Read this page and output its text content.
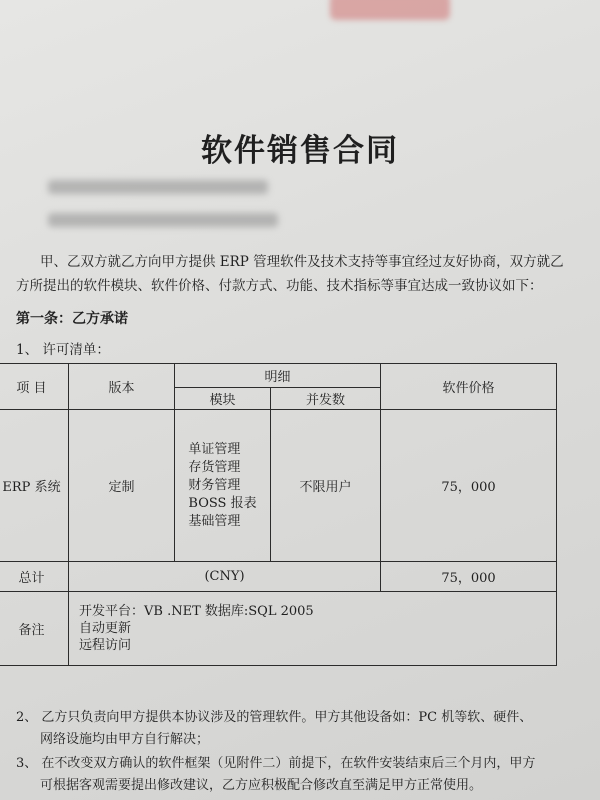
软件销售合同
甲、乙双方就乙方向甲方提供 ERP 管理软件及技术支持等事宜经过友好协商，双方就乙
方所提出的软件模块、软件价格、付款方式、功能、技术指标等事宜达成一致协议如下：
第一条：乙方承诺
1、 许可清单：
项 目	版本	明细		软件价格
		模块	并发数	
ERP 系统	定制	单证管理
存货管理
财务管理
BOSS 报表
基础管理	不限用户	75，000
总计	(CNY)			75，000
备注	开发平台：VB .NET 数据库:SQL 2005
自动更新
远程访问			
2、 乙方只负责向甲方提供本协议涉及的管理软件。甲方其他设备如：PC 机等软、硬件、
网络设施均由甲方自行解决；
3、 在不改变双方确认的软件框架（见附件二）前提下，在软件安装结束后三个月内，甲方
可根据客观需要提出修改建议，乙方应积极配合修改直至满足甲方正常使用。
